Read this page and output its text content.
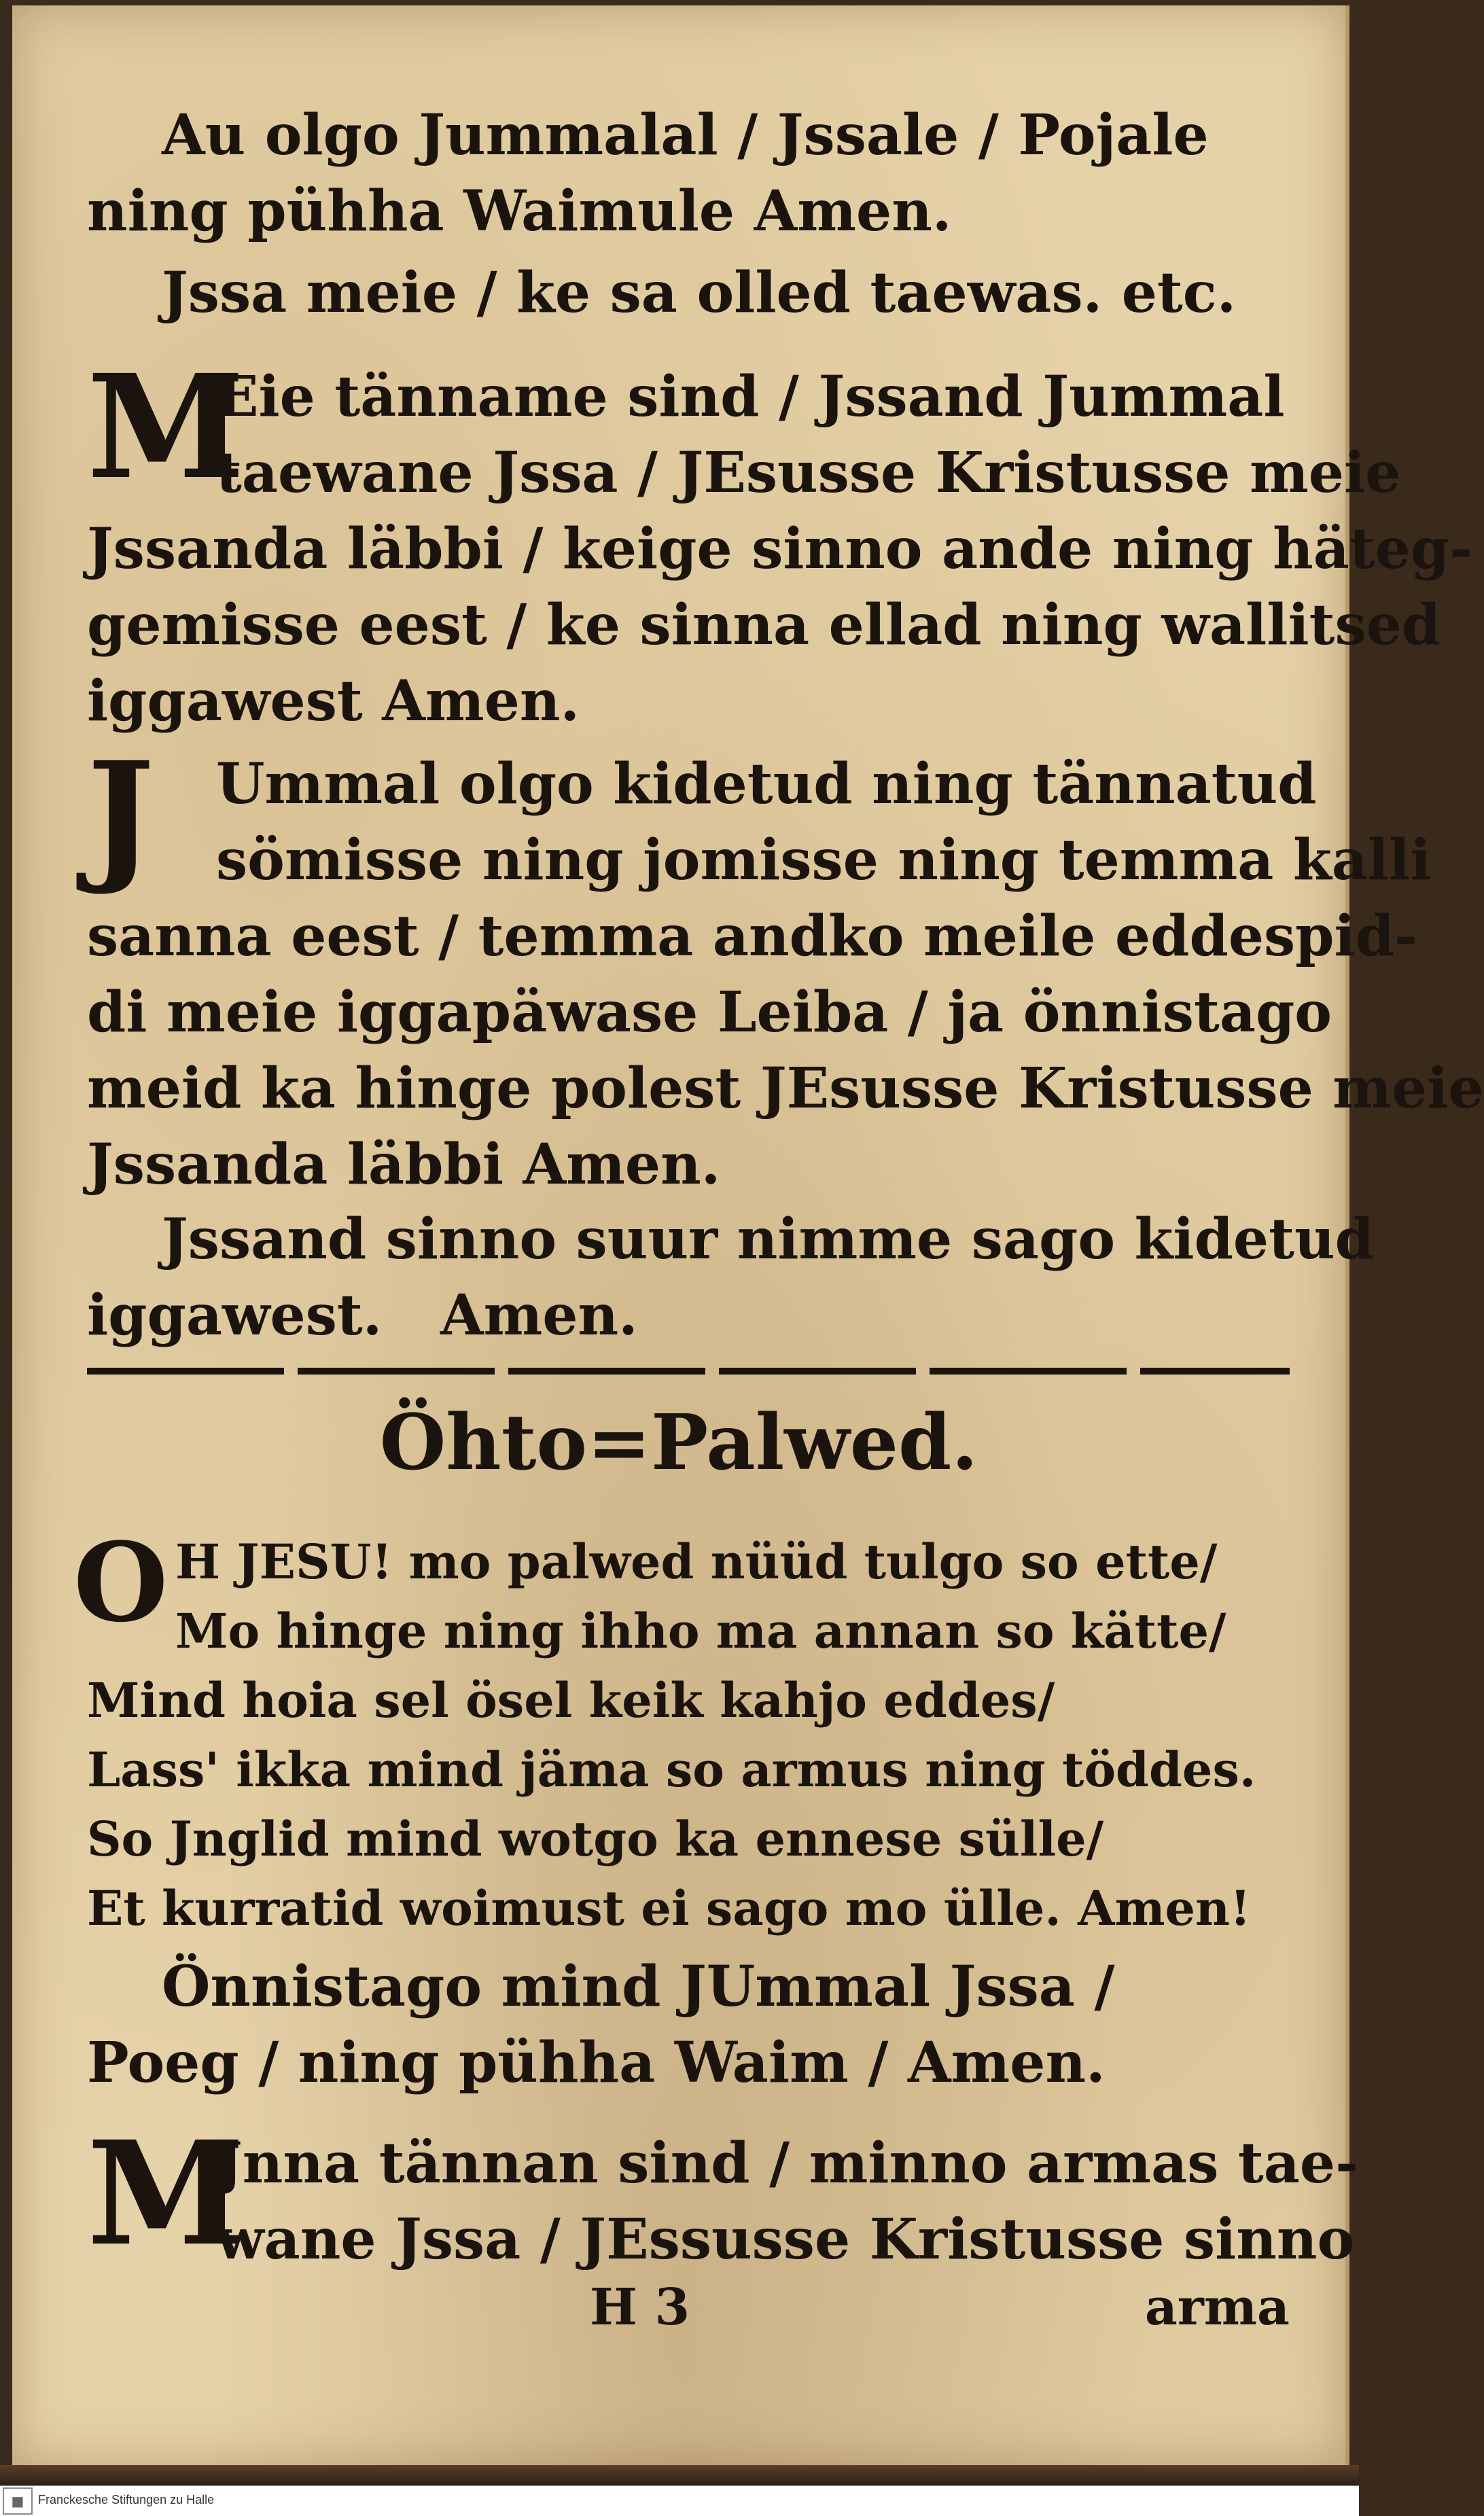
Au olgo Jummalal / Jssale / Pojale
ning pühha Waimule Amen.
Jssa meie / ke sa olled taewas. etc.
M
Eie tänname sind / Jssand Jummal
taewane Jssa / JEsusse Kristusse meie
Jssanda läbbi / keige sinno ande ning häteg-
gemisse eest / ke sinna ellad ning wallitsed
iggawest Amen.
J Ummal olgo kidetud ning tännatud
sömisse ning jomisse ning temma kalli
sanna eest / temma andko meile eddespid-
di meie iggapäwase Leiba / ja önnistago
meid ka hinge polest JEsusse Kristusse meie
Jssanda läbbi Amen.
Jssand sinno suur nimme sago kidetud
iggawest.   Amen.
Öhto=Palwed.
O H JESU! mo palwed nüüd tulgo so ette/
Mo hinge ning ihho ma annan so kätte/
Mind hoia sel ösel keik kahjo eddes/
Lass' ikka mind jäma so armus ning töddes.
So Jnglid mind wotgo ka ennese sülle/
Et kurratid woimust ei sago mo ülle. Amen!
Önnistago mind JUmmal Jssa /
Poeg / ning pühha Waim / Amen.
M
Jnna tännan sind / minno armas tae-
wane Jssa / JEssusse Kristusse sinno
H 3	arma
■	Franckesche Stiftungen zu Halle
